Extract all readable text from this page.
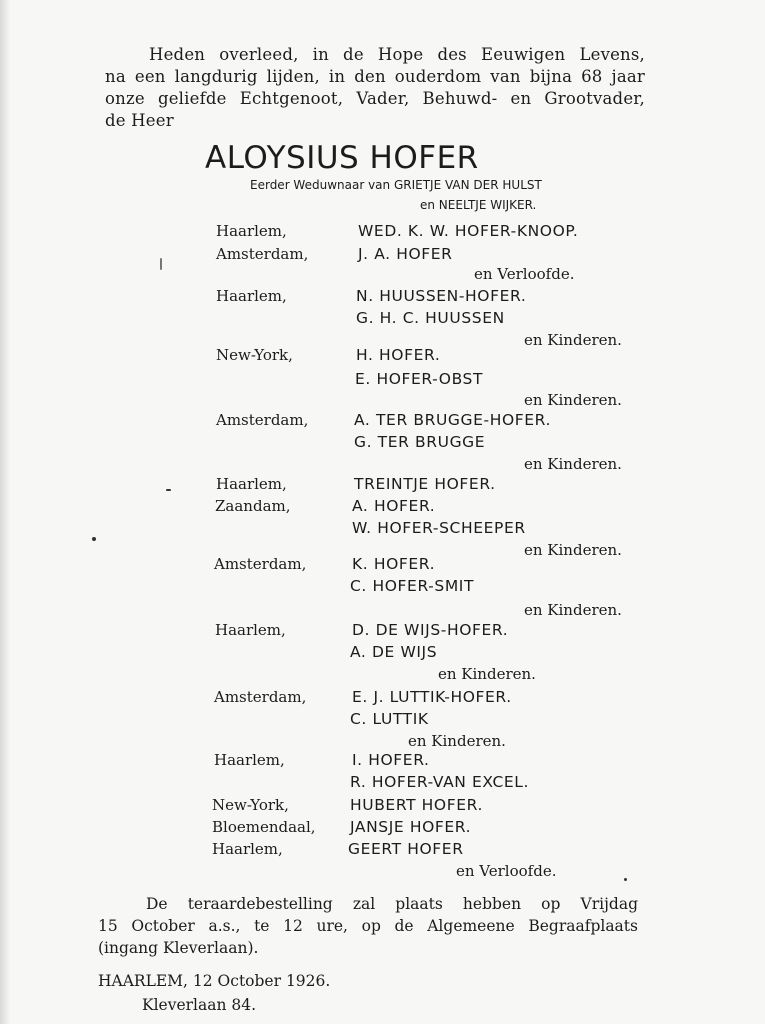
Heden overleed, in de Hope des Eeuwigen Levens,
na een langdurig lijden, in den ouderdom van bijna 68 jaar
onze geliefde Echtgenoot, Vader, Behuwd- en Grootvader,
de Heer
ALOYSIUS HOFER
Eerder Weduwnaar van GRIETJE VAN DER HULST
en NEELTJE WIJKER.
Haarlem,	WED. K. W. HOFER-KNOOP.
Amsterdam,	J. A. HOFER
en Verloofde.
Haarlem,	N. HUUSSEN-HOFER.
G. H. C. HUUSSEN
en Kinderen.
New-York,	H. HOFER.
E. HOFER-OBST
en Kinderen.
Amsterdam,	A. TER BRUGGE-HOFER.
G. TER BRUGGE
en Kinderen.
Haarlem,	TREINTJE HOFER.
Zaandam,	A. HOFER.
W. HOFER-SCHEEPER
en Kinderen.
Amsterdam,	K. HOFER.
C. HOFER-SMIT
en Kinderen.
Haarlem,	D. DE WIJS-HOFER.
A. DE WIJS
en Kinderen.
Amsterdam,	E. J. LUTTIK-HOFER.
C. LUTTIK
en Kinderen.
Haarlem,	I. HOFER.
R. HOFER-VAN EXCEL.
New-York,	HUBERT HOFER.
Bloemendaal, JANSJE HOFER.
Haarlem,	GEERT HOFER
en Verloofde.
De teraardebestelling zal plaats hebben op Vrijdag
15 October a.s., te 12 ure, op de Algemeene Begraafplaats
(ingang Kleverlaan).
HAARLEM, 12 October 1926.
Kleverlaan 84.
